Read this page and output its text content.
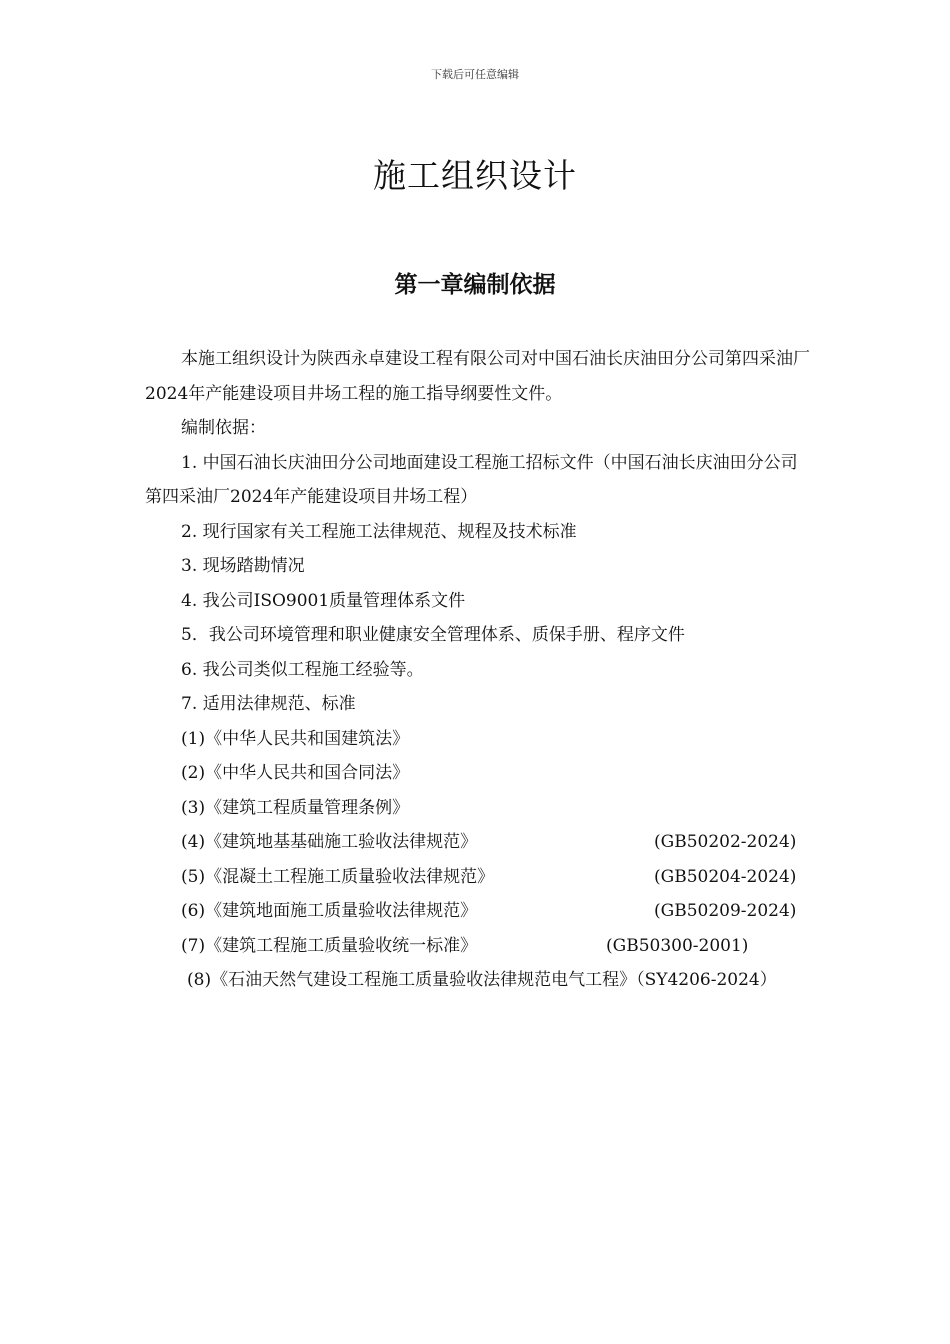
下载后可任意编辑
施工组织设计
第一章编制依据

本施工组织设计为陕西永卓建设工程有限公司对中国石油长庆油田分公司第四采油厂2024年产能建设项目井场工程的施工指导纲要性文件。

编制依据：

1. 中国石油长庆油田分公司地面建设工程施工招标文件（中国石油长庆油田分公司第四采油厂2024年产能建设项目井场工程）

2. 现行国家有关工程施工法律规范、规程及技术标准

3. 现场踏勘情况

4. 我公司ISO9001质量管理体系文件

5．我公司环境管理和职业健康安全管理体系、质保手册、程序文件

6. 我公司类似工程施工经验等。

7. 适用法律规范、标准

(1)《中华人民共和国建筑法》

(2)《中华人民共和国合同法》

(3)《建筑工程质量管理条例》

(4)《建筑地基基础施工验收法律规范》	(GB50202-2024)

(5)《混凝土工程施工质量验收法律规范》	(GB50204-2024)

(6)《建筑地面施工质量验收法律规范》	(GB50209-2024)

(7)《建筑工程施工质量验收统一标准》	(GB50300-2001)

(8)《石油天然气建设工程施工质量验收法律规范电气工程》（SY4206-2024）
